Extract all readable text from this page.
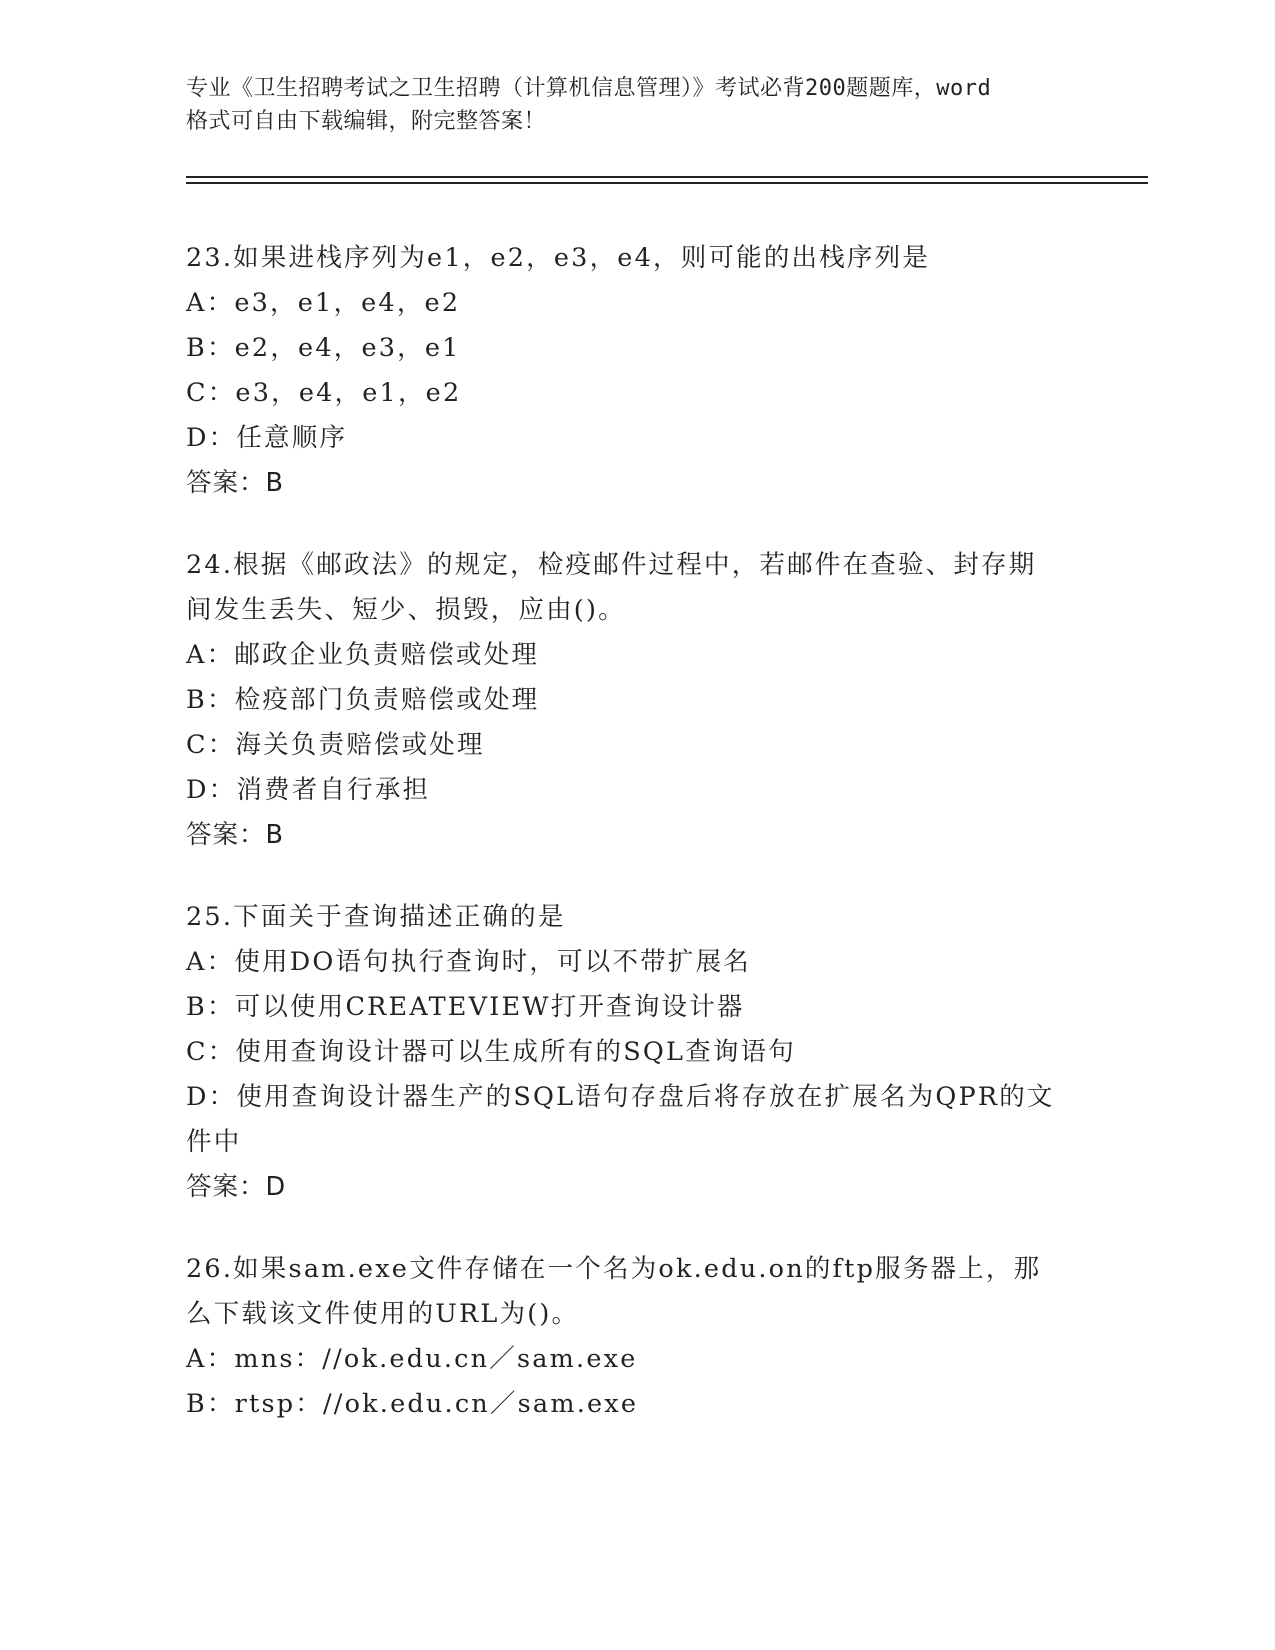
专业《卫生招聘考试之卫生招聘（计算机信息管理）》考试必背200题题库，word
格式可自由下载编辑，附完整答案！
23.如果进栈序列为e1，e2，e3，e4，则可能的出栈序列是
A：e3，e1，e4，e2
B：e2，e4，e3，e1
C：e3，e4，e1，e2
D：任意顺序
答案：B
24.根据《邮政法》的规定，检疫邮件过程中，若邮件在查验、封存期
间发生丢失、短少、损毁，应由()。
A：邮政企业负责赔偿或处理
B：检疫部门负责赔偿或处理
C：海关负责赔偿或处理
D：消费者自行承担
答案：B
25.下面关于查询描述正确的是
A：使用DO语句执行查询时，可以不带扩展名
B：可以使用CREATEVIEW打开查询设计器
C：使用查询设计器可以生成所有的SQL查询语句
D：使用查询设计器生产的SQL语句存盘后将存放在扩展名为QPR的文
件中
答案：D
26.如果sam.exe文件存储在一个名为ok.edu.on的ftp服务器上，那
么下载该文件使用的URL为()。
A：mns：//ok.edu.cn／sam.exe
B：rtsp：//ok.edu.cn／sam.exe
